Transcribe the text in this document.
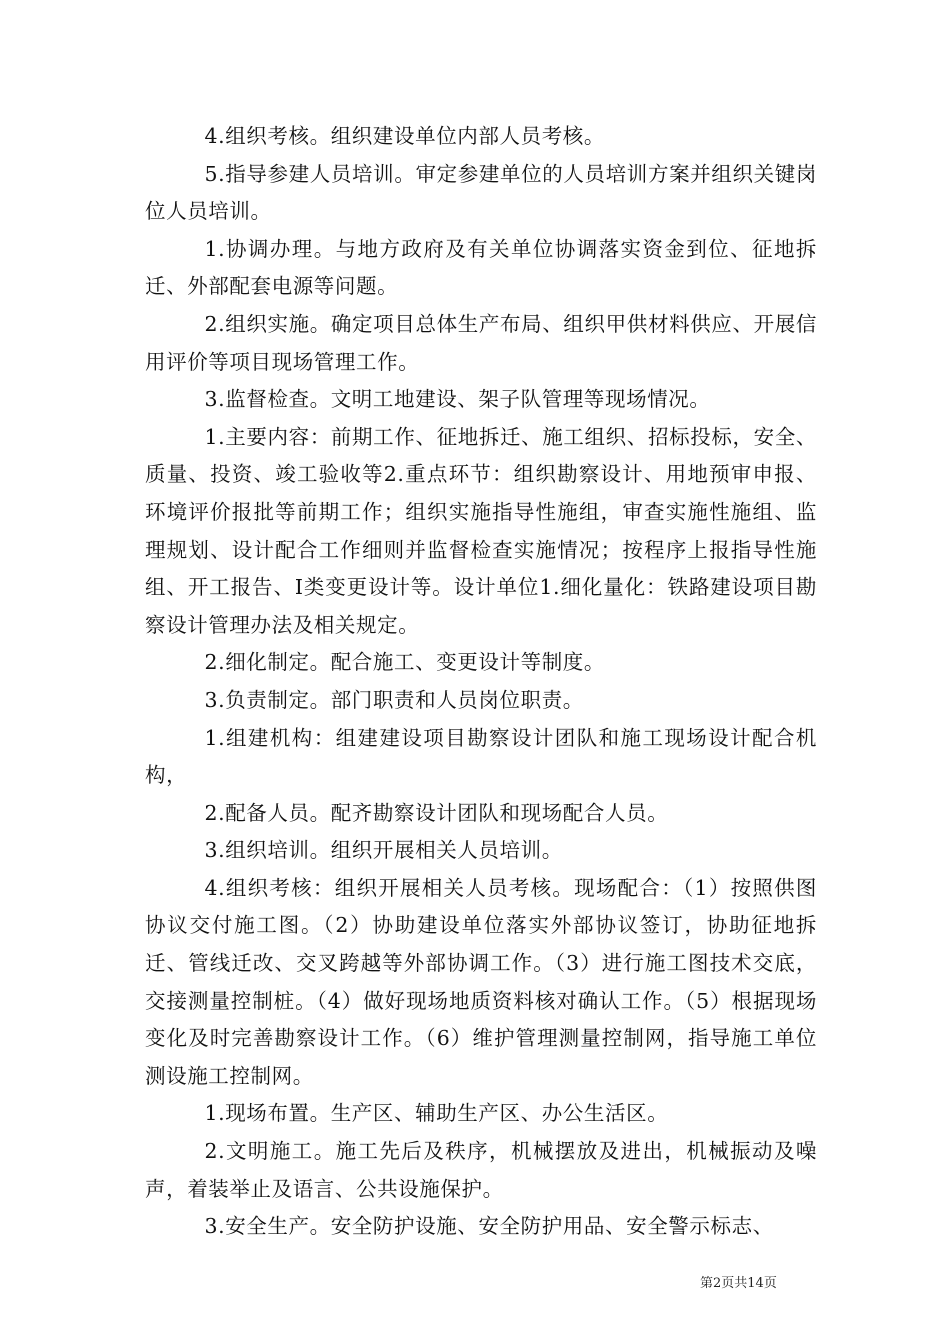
4.组织考核。组织建设单位内部人员考核。

5.指导参建人员培训。审定参建单位的人员培训方案并组织关键岗位人员培训。

1.协调办理。与地方政府及有关单位协调落实资金到位、征地拆迁、外部配套电源等问题。

2.组织实施。确定项目总体生产布局、组织甲供材料供应、开展信用评价等项目现场管理工作。

3.监督检查。文明工地建设、架子队管理等现场情况。

1.主要内容：前期工作、征地拆迁、施工组织、招标投标，安全、质量、投资、竣工验收等2.重点环节：组织勘察设计、用地预审申报、环境评价报批等前期工作；组织实施指导性施组，审查实施性施组、监理规划、设计配合工作细则并监督检查实施情况；按程序上报指导性施组、开工报告、Ⅰ类变更设计等。设计单位1.细化量化：铁路建设项目勘察设计管理办法及相关规定。

2.细化制定。配合施工、变更设计等制度。

3.负责制定。部门职责和人员岗位职责。

1.组建机构：组建建设项目勘察设计团队和施工现场设计配合机构，

2.配备人员。配齐勘察设计团队和现场配合人员。

3.组织培训。组织开展相关人员培训。

4.组织考核：组织开展相关人员考核。现场配合：（1）按照供图协议交付施工图。（2）协助建设单位落实外部协议签订，协助征地拆迁、管线迁改、交叉跨越等外部协调工作。（3）进行施工图技术交底，交接测量控制桩。（4）做好现场地质资料核对确认工作。（5）根据现场变化及时完善勘察设计工作。（6）维护管理测量控制网，指导施工单位测设施工控制网。

1.现场布置。生产区、辅助生产区、办公生活区。

2.文明施工。施工先后及秩序，机械摆放及进出，机械振动及噪声，着装举止及语言、公共设施保护。

3.安全生产。安全防护设施、安全防护用品、安全警示标志、

第2页共14页
